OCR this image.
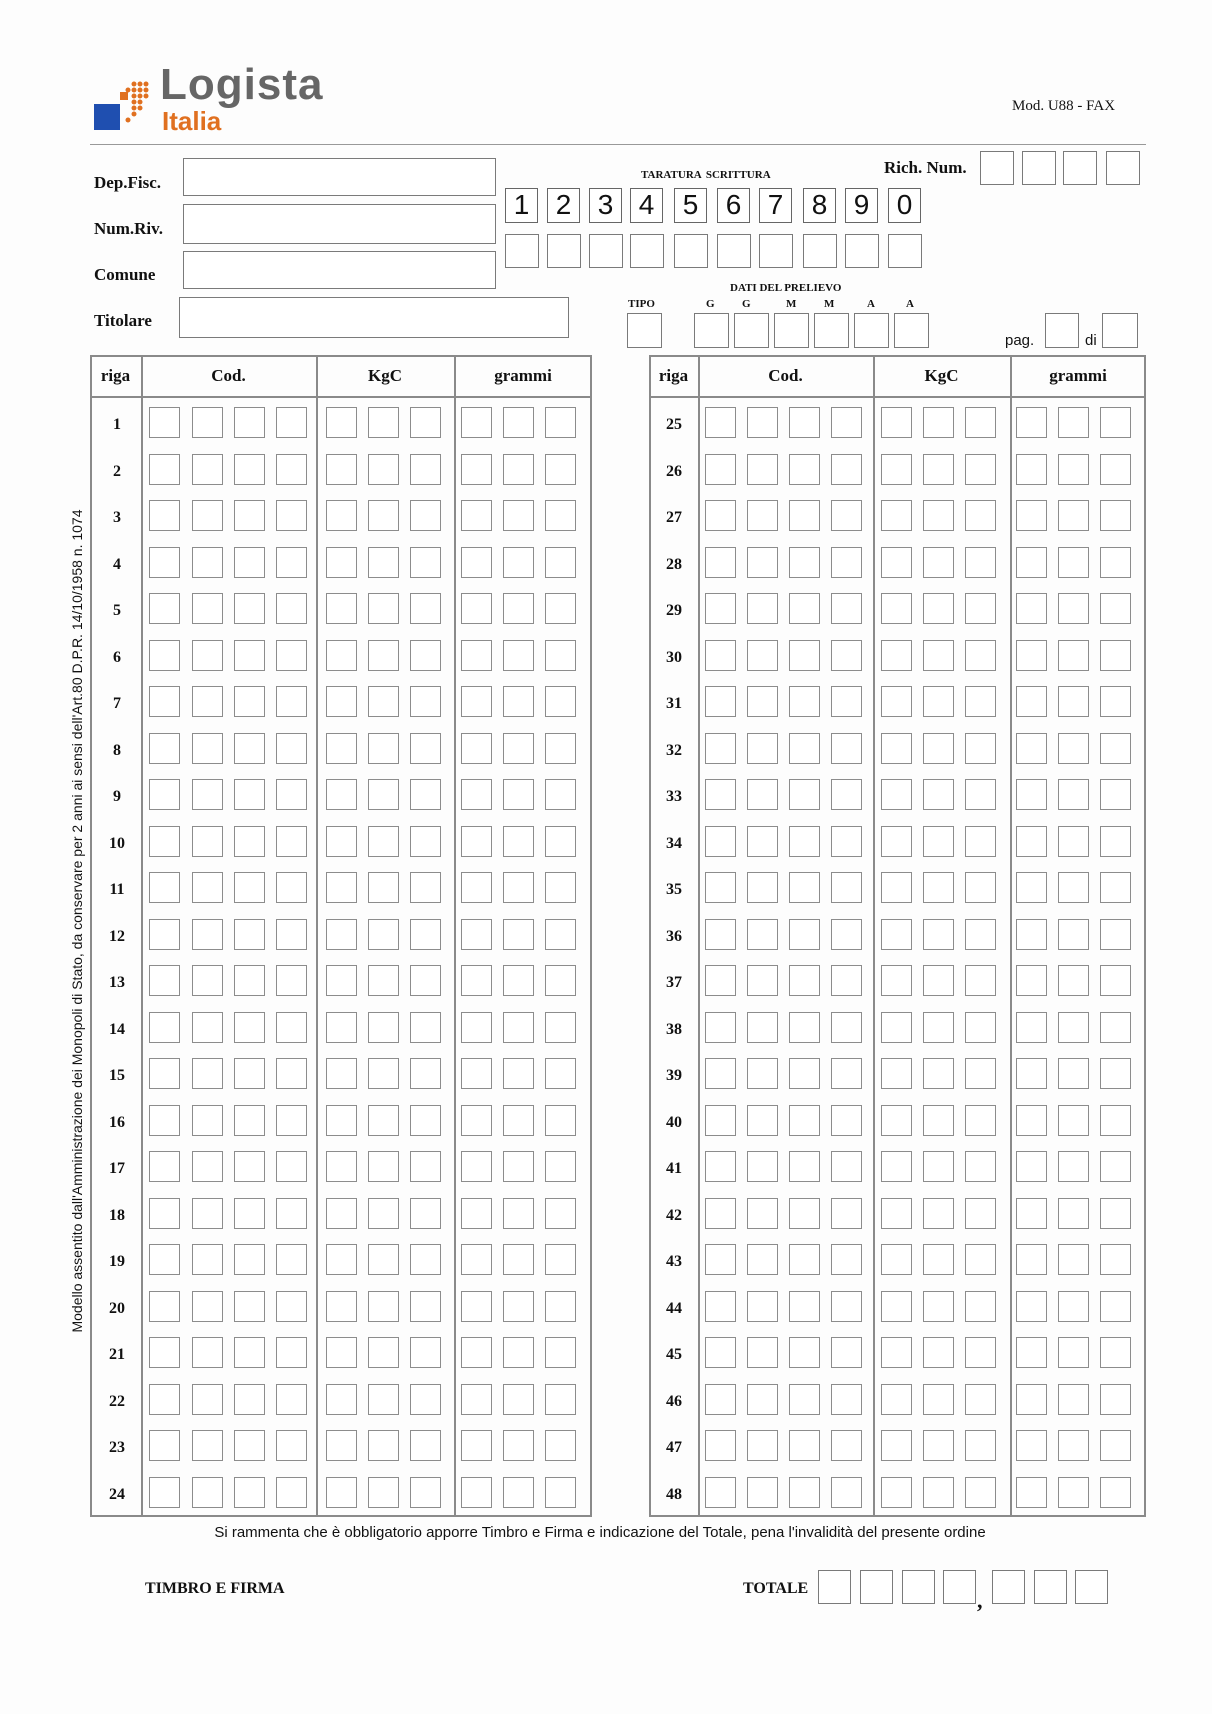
Logista
Italia	Mod. U88 - FAX
Dep.Fisc.
Num.Riv.
Comune
Titolare
TARATURA SCRITTURA
1 2 3 4	5 6 7	8 9 0
Rich. Num.
TIPO
DATI DEL PRELIEVO
G G	M	M	A	A
pag.	di
Modello assentito dall'Amministrazione dei Monopoli di Stato, da conservare per 2 anni ai sensi dell'Art.80 D.P.R. 14/10/1958 n. 1074
riga	Cod.	KgC	grammi
1
2
3
4
5
6
7
8
9
10
11
12
13
14
15
16
17
18
19
20
21
22
23
24
riga	Cod.	KgC	grammi
25
26
27
28
29
30
31
32
33
34
35
36
37
38
39
40
41
42
43
44
45
46
47
48
Si rammenta che è obbligatorio apporre Timbro e Firma e indicazione del Totale, pena l'invalidità del presente ordine
TIMBRO E FIRMA	TOTALE	,
